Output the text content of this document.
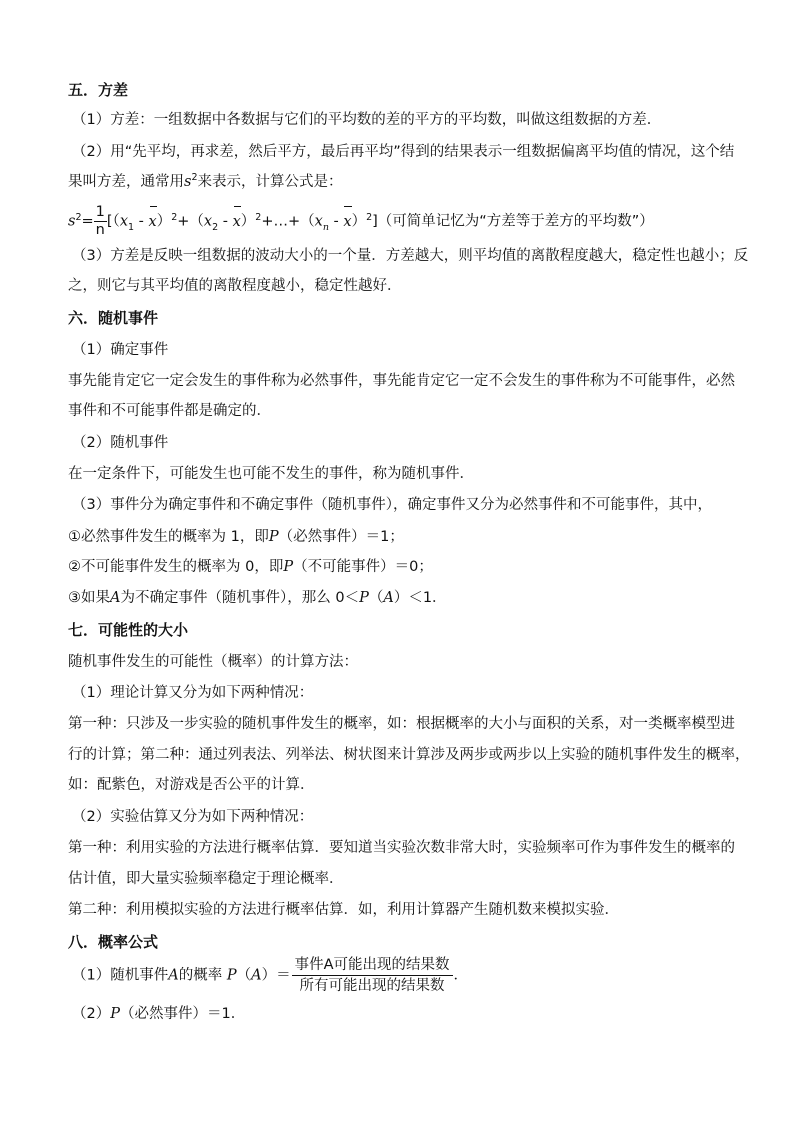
五．方差
（1）方差：一组数据中各数据与它们的平均数的差的平方的平均数，叫做这组数据的方差．
（2）用“先平均，再求差，然后平方，最后再平均”得到的结果表示一组数据偏离平均值的情况，这个结
果叫方差，通常用$s^2$来表示，计算公式是：
$s^2= \frac{1}{n} [(x_1 - x)^2+(x_2$ - $x)^2+\dots+(x_n - x)^2$]（可简单记忆为“方差等于差方的平均数”）
（3）方差是反映一组数据的波动大小的一个量．方差越大，则平均值的离散程度越大，稳定性也越小；反
之，则它与其平均值的离散程度越小，稳定性越好．
六．随机事件
（1）确定事件
事先能肯定它一定会发生的事件称为必然事件，事先能肯定它一定不会发生的事件称为不可能事件，必然
事件和不可能事件都是确定的．
（2）随机事件
在一定条件下，可能发生也可能不发生的事件，称为随机事件．
（3）事件分为确定事件和不确定事件（随机事件），确定事件又分为必然事件和不可能事件，其中，
①必然事件发生的概率为 1，即P（必然事件）＝1；
②不可能事件发生的概率为 0，即P（不可能事件）＝0；
③如果A为不确定事件（随机事件），那么 0＜P（A）＜1．
七．可能性的大小
随机事件发生的可能性（概率）的计算方法：
（1）理论计算又分为如下两种情况：
第一种：只涉及一步实验的随机事件发生的概率，如：根据概率的大小与面积的关系，对一类概率模型进
行的计算；第二种：通过列表法、列举法、树状图来计算涉及两步或两步以上实验的随机事件发生的概率，
如：配紫色，对游戏是否公平的计算．
（2）实验估算又分为如下两种情况：
第一种：利用实验的方法进行概率估算．要知道当实验次数非常大时，实验频率可作为事件发生的概率的
估计值，即大量实验频率稳定于理论概率．
第二种：利用模拟实验的方法进行概率估算．如，利用计算器产生随机数来模拟实验．
八．概率公式
（1）随机事件A的概率 $P(A)= \frac{\text{事件A可能出现的结果数}}{\text{所有可能出现的结果数}}$ ．
（2）P（必然事件）＝1．
